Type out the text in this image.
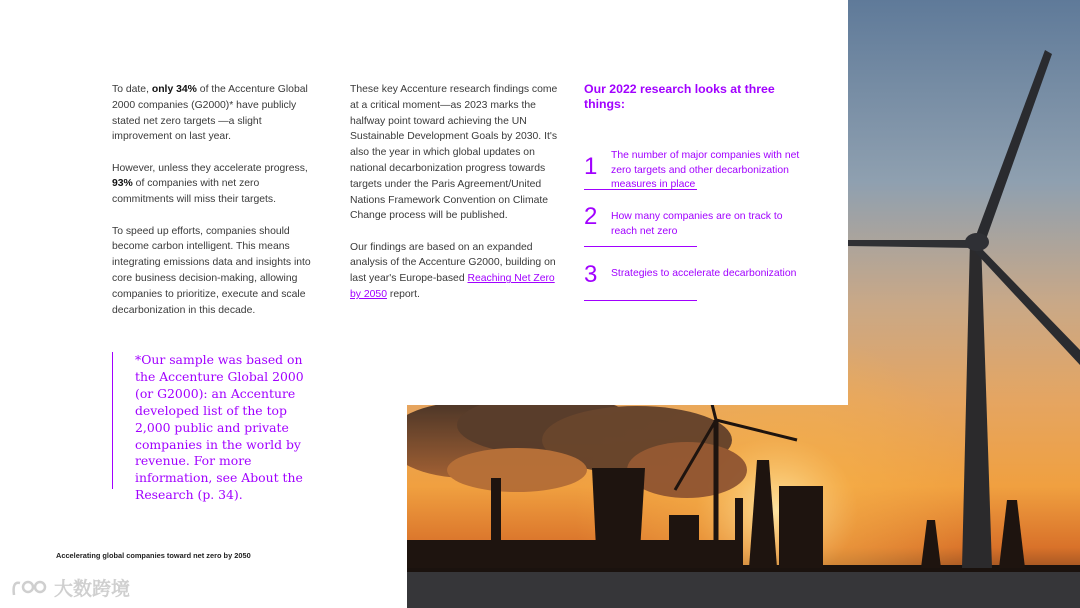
To date, only 34% of the Accenture Global 2000 companies (G2000)* have publicly stated net zero targets —a slight improvement on last year.

However, unless they accelerate progress, 93% of companies with net zero commitments will miss their targets.

To speed up efforts, companies should become carbon intelligent. This means integrating emissions data and insights into core business decision-making, allowing companies to prioritize, execute and scale decarbonization in this decade.

These key Accenture research findings come at a critical moment—as 2023 marks the halfway point toward achieving the UN Sustainable Development Goals by 2030. It's also the year in which global updates on national decarbonization progress towards targets under the Paris Agreement/United Nations Framework Convention on Climate Change process will be published.

Our findings are based on an expanded analysis of the Accenture G2000, building on last year's Europe-based Reaching Net Zero by 2050 report.

Our 2022 research looks at three things:
1 The number of major companies with net zero targets and other decarbonization measures in place
2 How many companies are on track to reach net zero
3 Strategies to accelerate decarbonization

*Our sample was based on the Accenture Global 2000 (or G2000): an Accenture developed list of the top 2,000 public and private companies in the world by revenue. For more information, see About the Research (p. 34).

Accelerating global companies toward net zero by 2050
大数跨境
